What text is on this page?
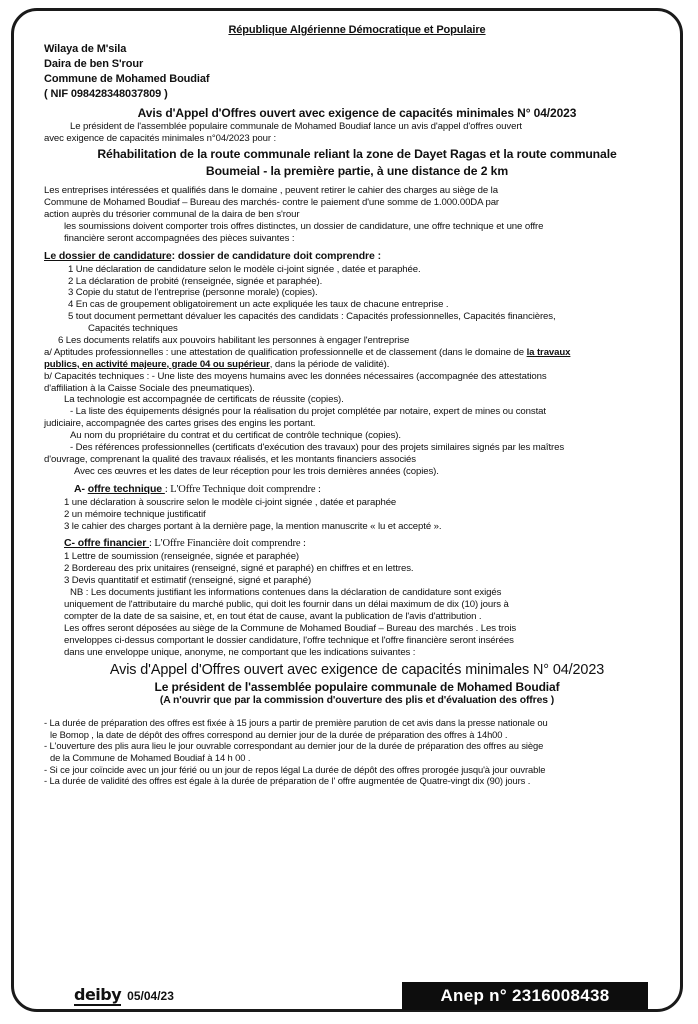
République Algérienne Démocratique et Populaire

Wilaya de M'sila

Daira de ben S'rour

Commune de Mohamed Boudiaf

( NIF 098428348037809 )

Avis d'Appel d'Offres ouvert avec exigence de capacités minimales N° 04/2023

Le président de l'assemblée populaire communale de Mohamed Boudiaf lance un avis d'appel d'offres ouvert

avec exigence de capacités minimales n°04/2023 pour :

Réhabilitation de la route communale reliant la zone de Dayet Ragas et la route communale

Boumeial - la première partie, à une distance de 2 km

Les entreprises intéressées et qualifiés dans le domaine , peuvent retirer le cahier des charges au siège de la

Commune de Mohamed Boudiaf – Bureau des marchés- contre le paiement d'une somme de 1.000.00DA par

action auprès du trésorier communal de la daira de ben s'rour

les soumissions doivent comporter trois offres distinctes, un dossier de candidature, une offre technique et une offre

financière seront accompagnées des pièces suivantes :

Le dossier de candidature: dossier de candidature doit comprendre :

1 Une déclaration de candidature selon le modèle ci-joint signée , datée et paraphée.
2 La déclaration de probité (renseignée, signée et paraphée).
3 Copie du statut de l'entreprise (personne morale) (copies).
4 En cas de groupement obligatoirement un acte expliquée les taux de chacune entreprise .
5 tout document permettant dévaluer les capacités des candidats : Capacités professionnelles, Capacités financières,
Capacités techniques
6 Les documents relatifs aux pouvoirs habilitant les personnes à engager l'entreprise

a/ Aptitudes professionnelles : une attestation de qualification professionnelle et de classement (dans le domaine de la travaux

publics, en activité majeure, grade 04 ou supérieur, dans la période de validité).

b/ Capacités techniques : - Une liste des moyens humains avec les données nécessaires (accompagnée des attestations

d'affiliation à la Caisse Sociale des pneumatiques).

La technologie est accompagnée de certificats de réussite (copies).

- La liste des équipements désignés pour la réalisation du projet complétée par notaire, expert de mines ou constat

judiciaire, accompagnée des cartes grises des engins les portant.

Au nom du propriétaire du contrat et du certificat de contrôle technique (copies).

- Des références professionnelles (certificats d'exécution des travaux) pour des projets similaires signés par les maîtres

d'ouvrage, comprenant la qualité des travaux réalisés, et les montants financiers associés

Avec ces œuvres et les dates de leur réception pour les trois dernières années (copies).

A- offre technique : L'Offre Technique doit comprendre :

1 une déclaration à souscrire selon le modèle ci-joint signée , datée et paraphée

2 un mémoire technique justificatif

3 le cahier des charges portant à la dernière page, la mention manuscrite « lu et accepté ».

C- offre financier : L'Offre Financière doit comprendre :

1 Lettre de soumission (renseignée, signée et paraphée)

2 Bordereau des prix unitaires (renseigné, signé et paraphé) en chiffres et en lettres.

3 Devis quantitatif et estimatif (renseigné, signé et paraphé)

NB : Les documents justifiant les informations contenues dans la déclaration de candidature sont exigés

uniquement de l'attributaire du marché public, qui doit les fournir dans un délai maximum de dix (10) jours à

compter de la date de sa saisine, et, en tout état de cause, avant la publication de l'avis d'attribution .

Les offres seront déposées au siège de la Commune de Mohamed Boudiaf – Bureau des marchés . Les trois

enveloppes ci-dessus comportant le dossier candidature, l'offre technique et l'offre financière seront insérées

dans une enveloppe unique, anonyme, ne comportant que les indications suivantes :

Avis d'Appel d'Offres ouvert avec exigence de capacités minimales N° 04/2023

Le président de l'assemblée populaire communale de Mohamed Boudiaf

(A n'ouvrir que par la commission d'ouverture des plis et d'évaluation des offres )

- La durée de préparation des offres est fixée à 15 jours a partir de première parution de cet avis dans la presse nationale ou

le Bomop , la date de dépôt des offres correspond au dernier jour de la durée de préparation des offres à 14h00 .

- L'ouverture des plis aura lieu le jour ouvrable correspondant au dernier jour de la durée de préparation des offres au siège

de la Commune de Mohamed Boudiaf à 14 h 00 .

- Si ce jour coïncide avec un jour férié ou un jour de repos légal La durée de dépôt des offres prorogée jusqu'à jour ouvrable

- La durée de validité des offres est égale à la durée de préparation de l' offre augmentée de Quatre-vingt dix (90) jours .

deiby 05/04/23	Anep n° 2316008438
